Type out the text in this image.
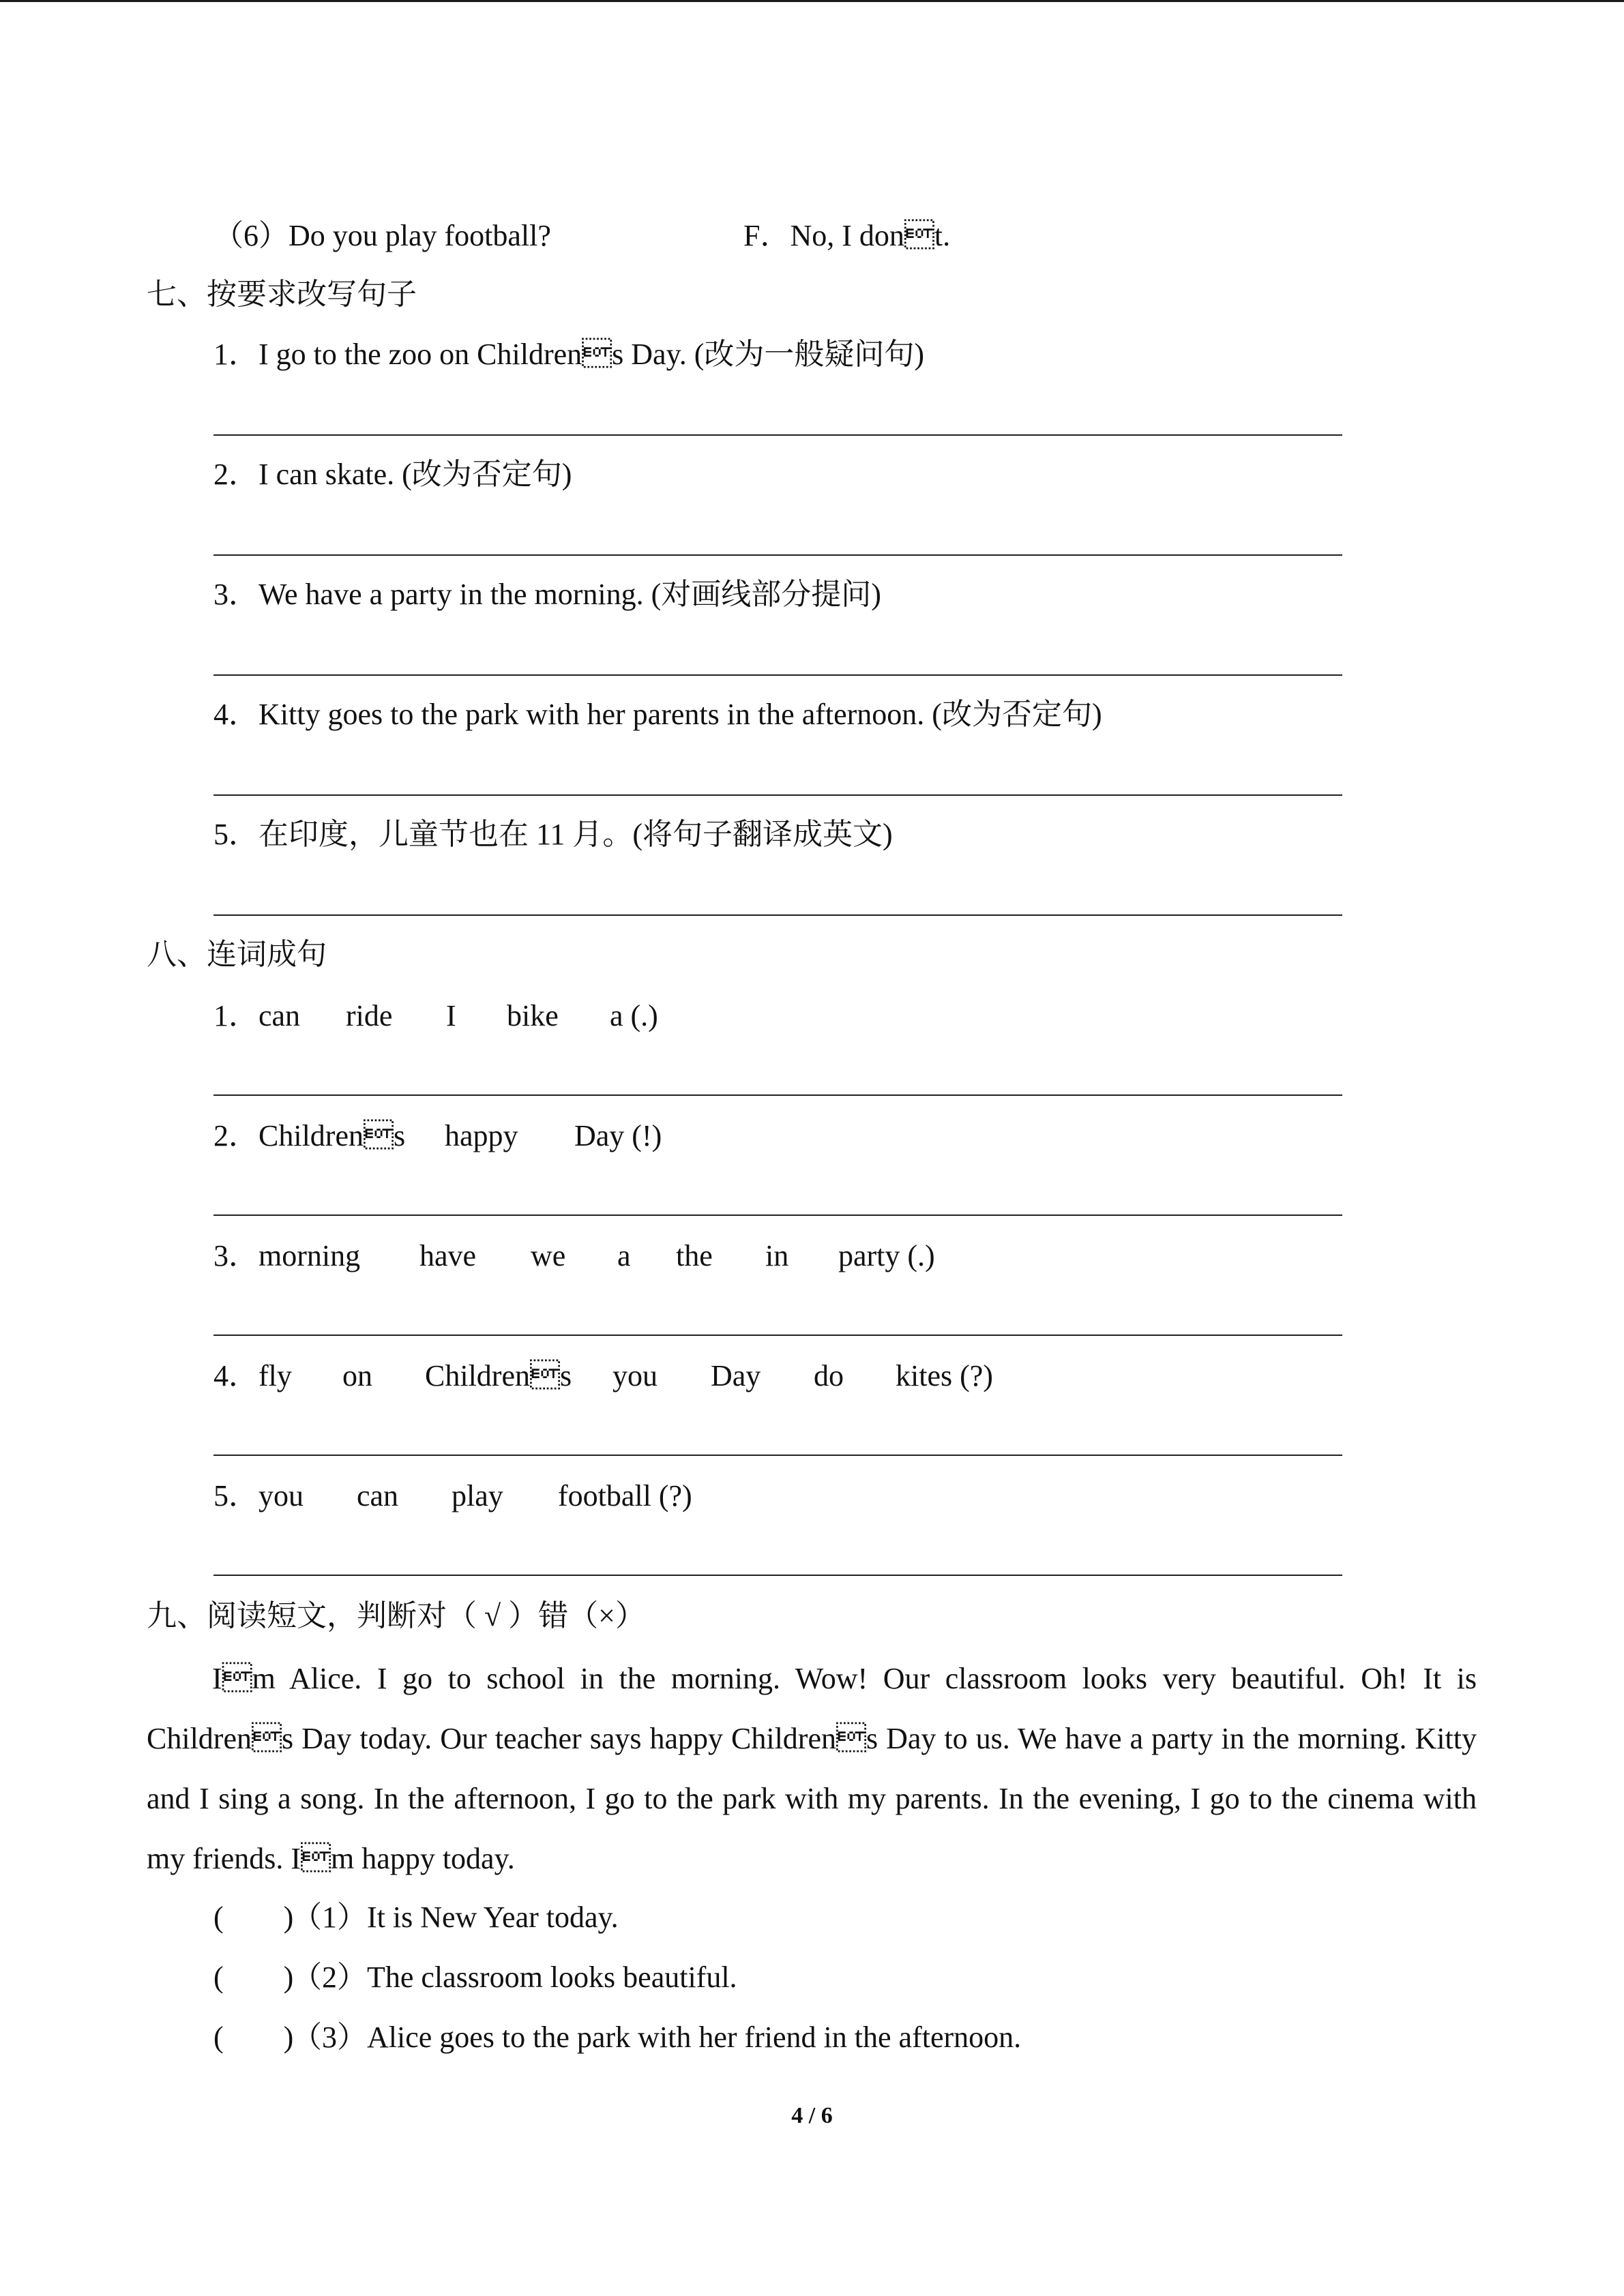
（6）Do you play football?	F．No, I dont.
七、按要求改写句子
1．I go to the zoo on Childrens Day. (改为一般疑问句)
2．I can skate. (改为否定句)
3．We have a party in the morning. (对画线部分提问)
4．Kitty goes to the park with her parents in the afternoon. (改为否定句)
5．在印度，儿童节也在 11 月。(将句子翻译成英文)
八、连词成句
1．can ride I bike a (.)
2．Childrens happy Day (!)
3．morning have we a the in party (.)
4．fly on Childrens you Day do kites (?)
5．you can play football (?)
九、阅读短文，判断对（ √ ）错（×）
Im Alice. I go to school in the morning. Wow! Our classroom looks very beautiful. Oh! It is Childrens Day today. Our teacher says happy Childrens Day to us. We have a party in the morning. Kitty and I sing a song. In the afternoon, I go to the park with my parents. In the evening, I go to the cinema with my friends. Im happy today.
(        )
（1）It is New Year today.
(        )
（2）The classroom looks beautiful.
(        )
（3）Alice goes to the park with her friend in the afternoon.
4 / 6
